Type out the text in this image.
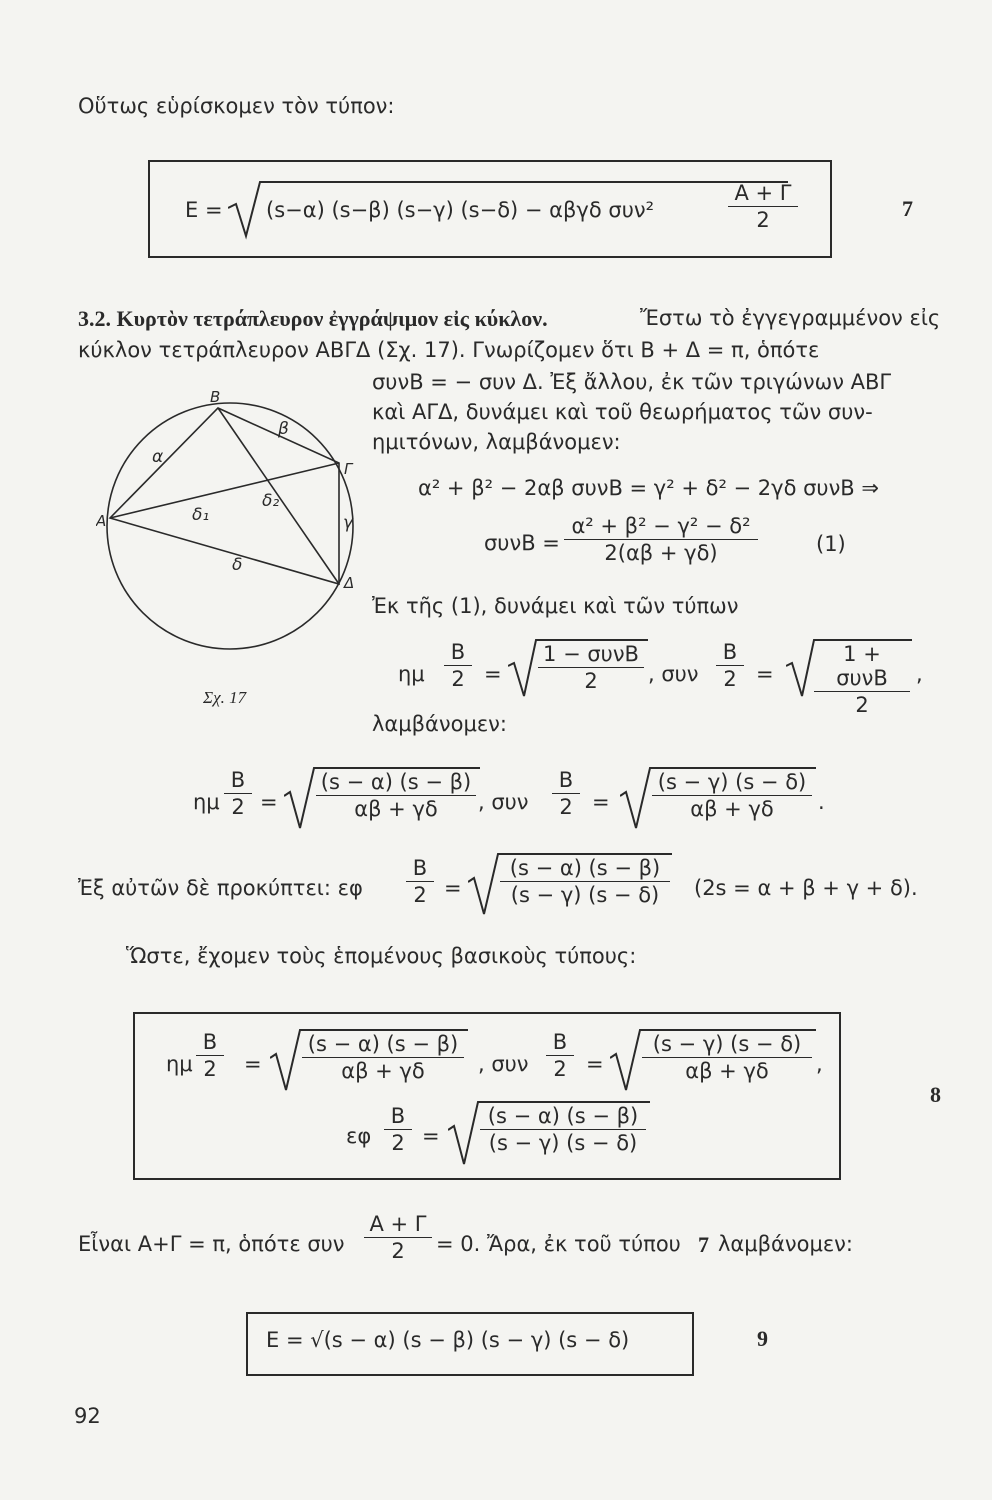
Οὕτως εὑρίσκομεν τὸν τύπον:
E = (s−α) (s−β) (s−γ) (s−δ) − αβγδ συν²	$\frac{A + \Gamma}{2}$	7
3.2. Κυρτὸν τετράπλευρον ἐγγράψιμον εἰς κύκλον.	Ἔστω τὸ ἐγγεγραμμένον εἰς
κύκλον τετράπλευρον ΑΒΓΔ (Σχ. 17). Γνωρίζομεν ὅτι Β + Δ = π, ὁπότε
συνΒ = − συν Δ. Ἐξ ἄλλου, ἐκ τῶν τριγώνων ΑΒΓ
καὶ ΑΓΔ, δυνάμει καὶ τοῦ θεωρήματος τῶν συν-
ημιτόνων, λαμβάνομεν:
A
B
Γ
Δ
α
β
γ
δ
δ₁
δ₂
Σχ. 17
α² + β² − 2αβ συνΒ = γ² + δ² − 2γδ συνΒ ⇒
$\sigma\upsilon\nu B = \frac{\text{α² + β² − γ² − δ²}}{2(\alpha\beta + \gamma\delta)}$	(1)
Ἐκ τῆς (1), δυνάμει καὶ τῶν τύπων
ημ $\frac{B}{2}$ =
1 − συνΒ
2	, συν $\frac{B}{2}$ =
1 + συνΒ
2
,
λαμβάνομεν:
ημ $\frac{B}{2} = \frac{(s - \alpha) (s - \beta)}{\alpha\beta + \gamma\delta}$ , συν $\frac{B}{2} = \frac{(s - \gamma) (s - \delta)}{\alpha\beta + \gamma\delta}$ .
Ἐξ αὐτῶν δὲ προκύπτει: εφ $\frac{B}{2} = \frac{(s - \alpha) (s - \beta)}{(s - \gamma) (s - \delta)} (2s = \alpha + \beta + \gamma + \delta)$.
Ὥστε, ἔχομεν τοὺς ἑπομένους βασικοὺς τύπους:
ημ $\frac{B}{2} = \frac{(s - \alpha) (s - \beta)}{\alpha\beta + \gamma\delta}$ , συν $\frac{B}{2} = \frac{(s - \gamma) (s - \delta)}{\alpha\beta + \gamma\delta}$ ,
εφ $\frac{B}{2} = \frac{(s - \alpha) (s - \beta)}{(s - \gamma) (s - \delta)}$
8
Εἶναι Α+Γ = π, ὁπότε συν $\frac{A + \Gamma}{2} = 0$. Ἄρα, ἐκ τοῦ τύπου 7 λαμβάνομεν:
E = √(s − α) (s − β) (s − γ) (s − δ)	9
92
